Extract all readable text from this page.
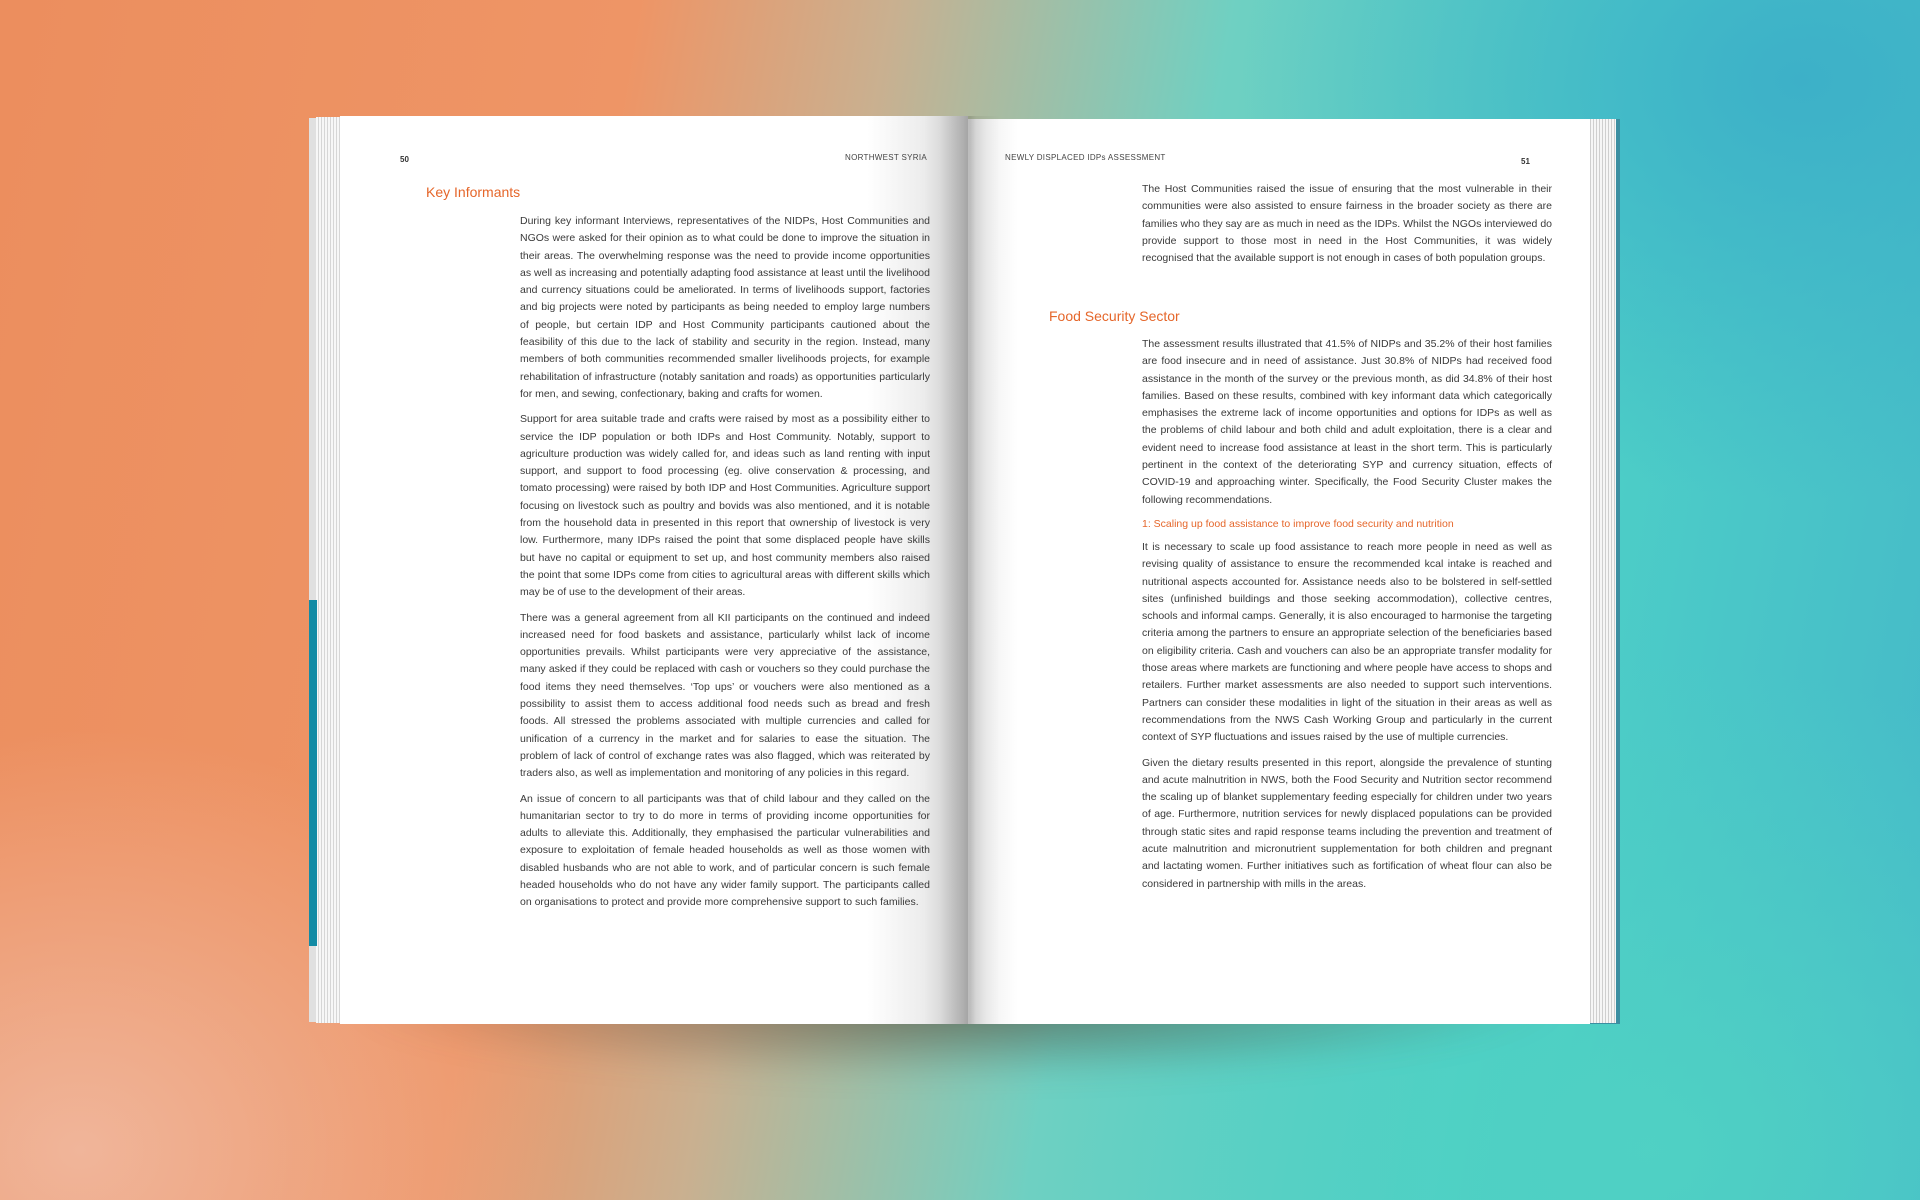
50	NORTHWEST SYRIA
Key Informants

During key informant Interviews, representatives of the NIDPs, Host Communities and NGOs were asked for their opinion as to what could be done to improve the situation in their areas. The overwhelming response was the need to provide income opportunities as well as increasing and potentially adapting food assistance at least until the livelihood and currency situations could be ameliorated. In terms of livelihoods support, factories and big projects were noted by participants as being needed to employ large numbers of people, but certain IDP and Host Community participants cautioned about the feasibility of this due to the lack of stability and security in the region. Instead, many members of both communities recommended smaller livelihoods projects, for example rehabilitation of infrastructure (notably sanitation and roads) as opportunities particularly for men, and sewing, confectionary, baking and crafts for women.

Support for area suitable trade and crafts were raised by most as a possibility either to service the IDP population or both IDPs and Host Community. Notably, support to agriculture production was widely called for, and ideas such as land renting with input support, and support to food processing (eg. olive conservation & processing, and tomato processing) were raised by both IDP and Host Communities. Agriculture support focusing on livestock such as poultry and bovids was also mentioned, and it is notable from the household data in presented in this report that ownership of livestock is very low. Furthermore, many IDPs raised the point that some displaced people have skills but have no capital or equipment to set up, and host community members also raised the point that some IDPs come from cities to agricultural areas with different skills which may be of use to the development of their areas.

There was a general agreement from all KII participants on the continued and indeed increased need for food baskets and assistance, particularly whilst lack of income opportunities prevails. Whilst participants were very appreciative of the assistance, many asked if they could be replaced with cash or vouchers so they could purchase the food items they need themselves. ‘Top ups’ or vouchers were also mentioned as a possibility to assist them to access additional food needs such as bread and fresh foods. All stressed the problems associated with multiple currencies and called for unification of a currency in the market and for salaries to ease the situation. The problem of lack of control of exchange rates was also flagged, which was reiterated by traders also, as well as implementation and monitoring of any policies in this regard.

An issue of concern to all participants was that of child labour and they called on the humanitarian sector to try to do more in terms of providing income opportunities for adults to alleviate this. Additionally, they emphasised the particular vulnerabilities and exposure to exploitation of female headed households as well as those women with disabled husbands who are not able to work, and of particular concern is such female headed households who do not have any wider family support. The participants called on organisations to protect and provide more comprehensive support to such families.

NEWLY DISPLACED IDPs ASSESSMENT	51

The Host Communities raised the issue of ensuring that the most vulnerable in their communities were also assisted to ensure fairness in the broader society as there are families who they say are as much in need as the IDPs. Whilst the NGOs interviewed do provide support to those most in need in the Host Communities, it was widely recognised that the available support is not enough in cases of both population groups.

Food Security Sector

The assessment results illustrated that 41.5% of NIDPs and 35.2% of their host families are food insecure and in need of assistance. Just 30.8% of NIDPs had received food assistance in the month of the survey or the previous month, as did 34.8% of their host families. Based on these results, combined with key informant data which categorically emphasises the extreme lack of income opportunities and options for IDPs as well as the problems of child labour and both child and adult exploitation, there is a clear and evident need to increase food assistance at least in the short term. This is particularly pertinent in the context of the deteriorating SYP and currency situation, effects of COVID-19 and approaching winter. Specifically, the Food Security Cluster makes the following recommendations.

1: Scaling up food assistance to improve food security and nutrition

It is necessary to scale up food assistance to reach more people in need as well as revising quality of assistance to ensure the recommended kcal intake is reached and nutritional aspects accounted for. Assistance needs also to be bolstered in self-settled sites (unfinished buildings and those seeking accommodation), collective centres, schools and informal camps. Generally, it is also encouraged to harmonise the targeting criteria among the partners to ensure an appropriate selection of the beneficiaries based on eligibility criteria. Cash and vouchers can also be an appropriate transfer modality for those areas where markets are functioning and where people have access to shops and retailers. Further market assessments are also needed to support such interventions. Partners can consider these modalities in light of the situation in their areas as well as recommendations from the NWS Cash Working Group and particularly in the current context of SYP fluctuations and issues raised by the use of multiple currencies.

Given the dietary results presented in this report, alongside the prevalence of stunting and acute malnutrition in NWS, both the Food Security and Nutrition sector recommend the scaling up of blanket supplementary feeding especially for children under two years of age. Furthermore, nutrition services for newly displaced populations can be provided through static sites and rapid response teams including the prevention and treatment of acute malnutrition and micronutrient supplementation for both children and pregnant and lactating women. Further initiatives such as fortification of wheat flour can also be considered in partnership with mills in the areas.
